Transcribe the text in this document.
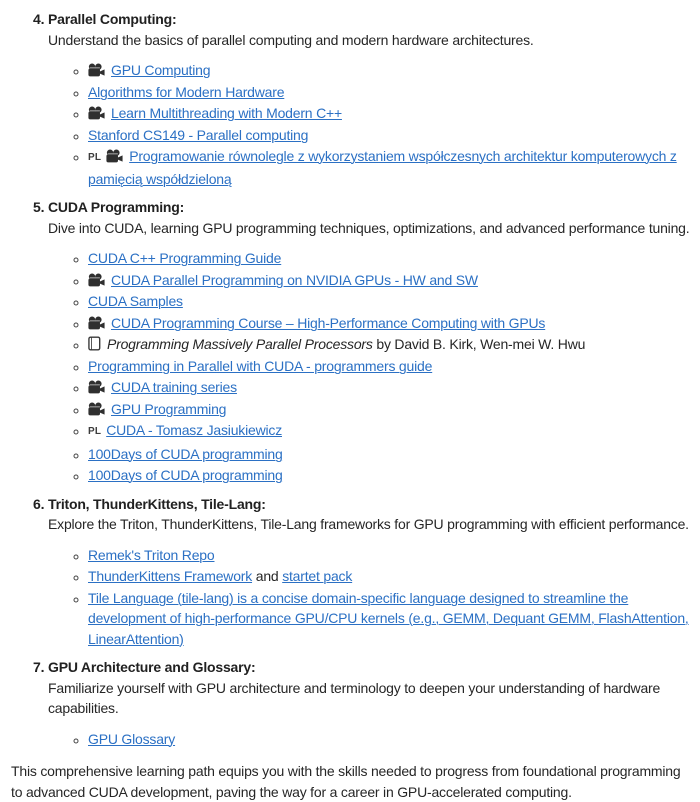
4. Parallel Computing:
Understand the basics of parallel computing and modern hardware architectures.
◦ GPU Computing
◦ Algorithms for Modern Hardware
◦ Learn Multithreading with Modern C++
◦ Stanford CS149 - Parallel computing
◦ PL Programowanie równolegle z wykorzystaniem współczesnych architektur komputerowych z pamięcią współdzieloną
5. CUDA Programming:
Dive into CUDA, learning GPU programming techniques, optimizations, and advanced performance tuning.
◦ CUDA C++ Programming Guide
◦ CUDA Parallel Programming on NVIDIA GPUs - HW and SW
◦ CUDA Samples
◦ CUDA Programming Course – High-Performance Computing with GPUs
◦ Programming Massively Parallel Processors by David B. Kirk, Wen-mei W. Hwu
◦ Programming in Parallel with CUDA - programmers guide
◦ CUDA training series
◦ GPU Programming
◦ PL CUDA - Tomasz Jasiukiewicz
◦ 100Days of CUDA programming
◦ 100Days of CUDA programming
6. Triton, ThunderKittens, Tile-Lang:
Explore the Triton, ThunderKittens, Tile-Lang frameworks for GPU programming with efficient performance.
◦ Remek's Triton Repo
◦ ThunderKittens Framework and startet pack
◦ Tile Language (tile-lang) is a concise domain-specific language designed to streamline the development of high-performance GPU/CPU kernels (e.g., GEMM, Dequant GEMM, FlashAttention, LinearAttention)
7. GPU Architecture and Glossary:
Familiarize yourself with GPU architecture and terminology to deepen your understanding of hardware capabilities.
◦ GPU Glossary

This comprehensive learning path equips you with the skills needed to progress from foundational programming to advanced CUDA development, paving the way for a career in GPU-accelerated computing.
